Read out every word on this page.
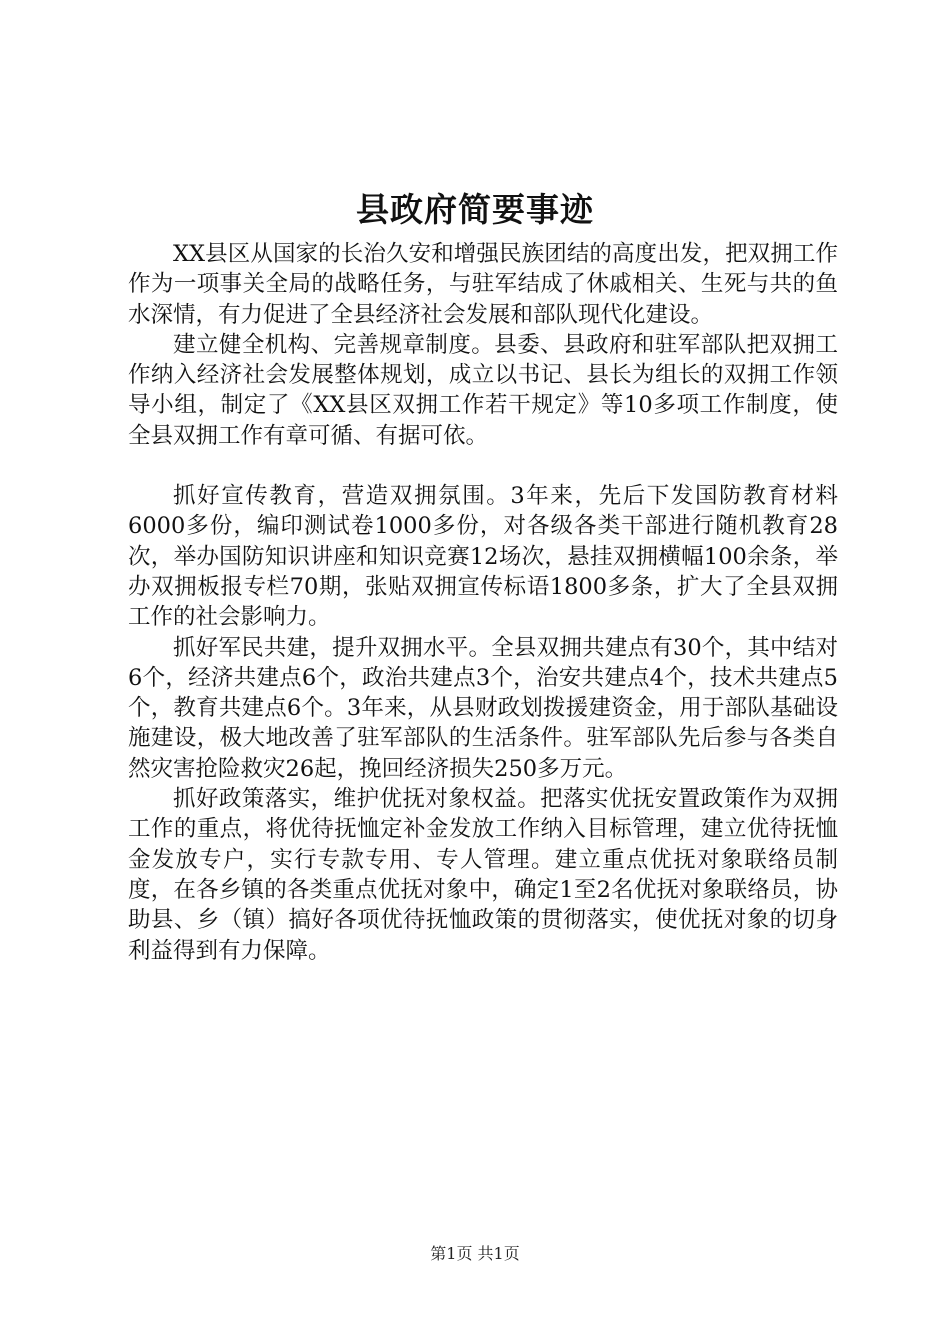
县政府简要事迹

XX县区从国家的长治久安和增强民族团结的高度出发，把双拥工作作为一项事关全局的战略任务，与驻军结成了休戚相关、生死与共的鱼水深情，有力促进了全县经济社会发展和部队现代化建设。

建立健全机构、完善规章制度。县委、县政府和驻军部队把双拥工作纳入经济社会发展整体规划，成立以书记、县长为组长的双拥工作领导小组，制定了《XX县区双拥工作若干规定》等10多项工作制度，使全县双拥工作有章可循、有据可依。

抓好宣传教育，营造双拥氛围。3年来，先后下发国防教育材料6000多份，编印测试卷1000多份，对各级各类干部进行随机教育28次，举办国防知识讲座和知识竞赛12场次，悬挂双拥横幅100余条，举办双拥板报专栏70期，张贴双拥宣传标语1800多条，扩大了全县双拥工作的社会影响力。

抓好军民共建，提升双拥水平。全县双拥共建点有30个，其中结对6个，经济共建点6个，政治共建点3个，治安共建点4个，技术共建点5个，教育共建点6个。3年来，从县财政划拨援建资金，用于部队基础设施建设，极大地改善了驻军部队的生活条件。驻军部队先后参与各类自然灾害抢险救灾26起，挽回经济损失250多万元。

抓好政策落实，维护优抚对象权益。把落实优抚安置政策作为双拥工作的重点，将优待抚恤定补金发放工作纳入目标管理，建立优待抚恤金发放专户，实行专款专用、专人管理。建立重点优抚对象联络员制度，在各乡镇的各类重点优抚对象中，确定1至2名优抚对象联络员，协助县、乡（镇）搞好各项优待抚恤政策的贯彻落实，使优抚对象的切身利益得到有力保障。

第1页 共1页
